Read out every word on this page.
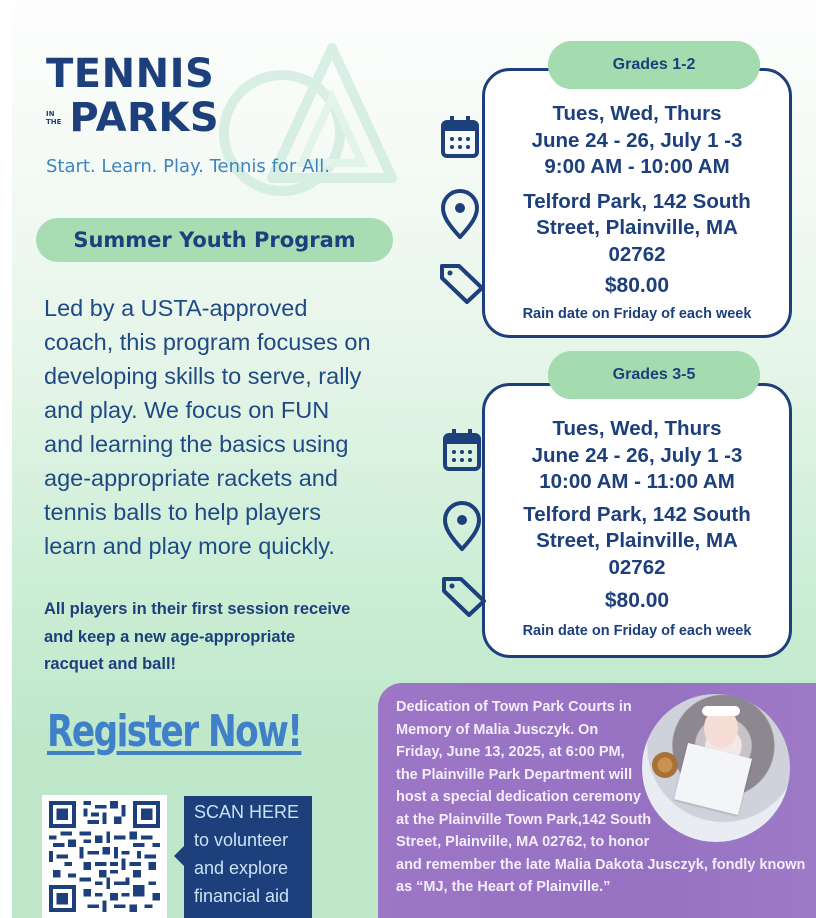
TENNIS
IN
THE PARKS
Start. Learn. Play. Tennis for All.
Summer Youth Program
Led by a USTA-approved
coach, this program focuses on
developing skills to serve, rally
and play. We focus on FUN
and learning the basics using
age-appropriate rackets and
tennis balls to help players
learn and play more quickly.
All players in their first session receive
and keep a new age-appropriate
racquet and ball!
Register Now!
SCAN HERE
to volunteer
and explore
financial aid
Grades 1-2
Tues, Wed, Thurs
June 24 - 26, July 1 -3
9:00 AM - 10:00 AM
Telford Park, 142 South
Street, Plainville, MA
02762
$80.00
Rain date on Friday of each week
Grades 3-5
Tues, Wed, Thurs
June 24 - 26, July 1 -3
10:00 AM - 11:00 AM
Telford Park, 142 South
Street, Plainville, MA
02762
$80.00
Rain date on Friday of each week
Dedication of Town Park Courts in Memory of Malia Jusczyk. On Friday, June 13, 2025, at 6:00 PM, the Plainville Park Department will host a special dedication ceremony at the Plainville Town Park,142 South Street, Plainville, MA 02762, to honor and remember the late Malia Dakota Jusczyk, fondly known as “MJ, the Heart of Plainville.”
